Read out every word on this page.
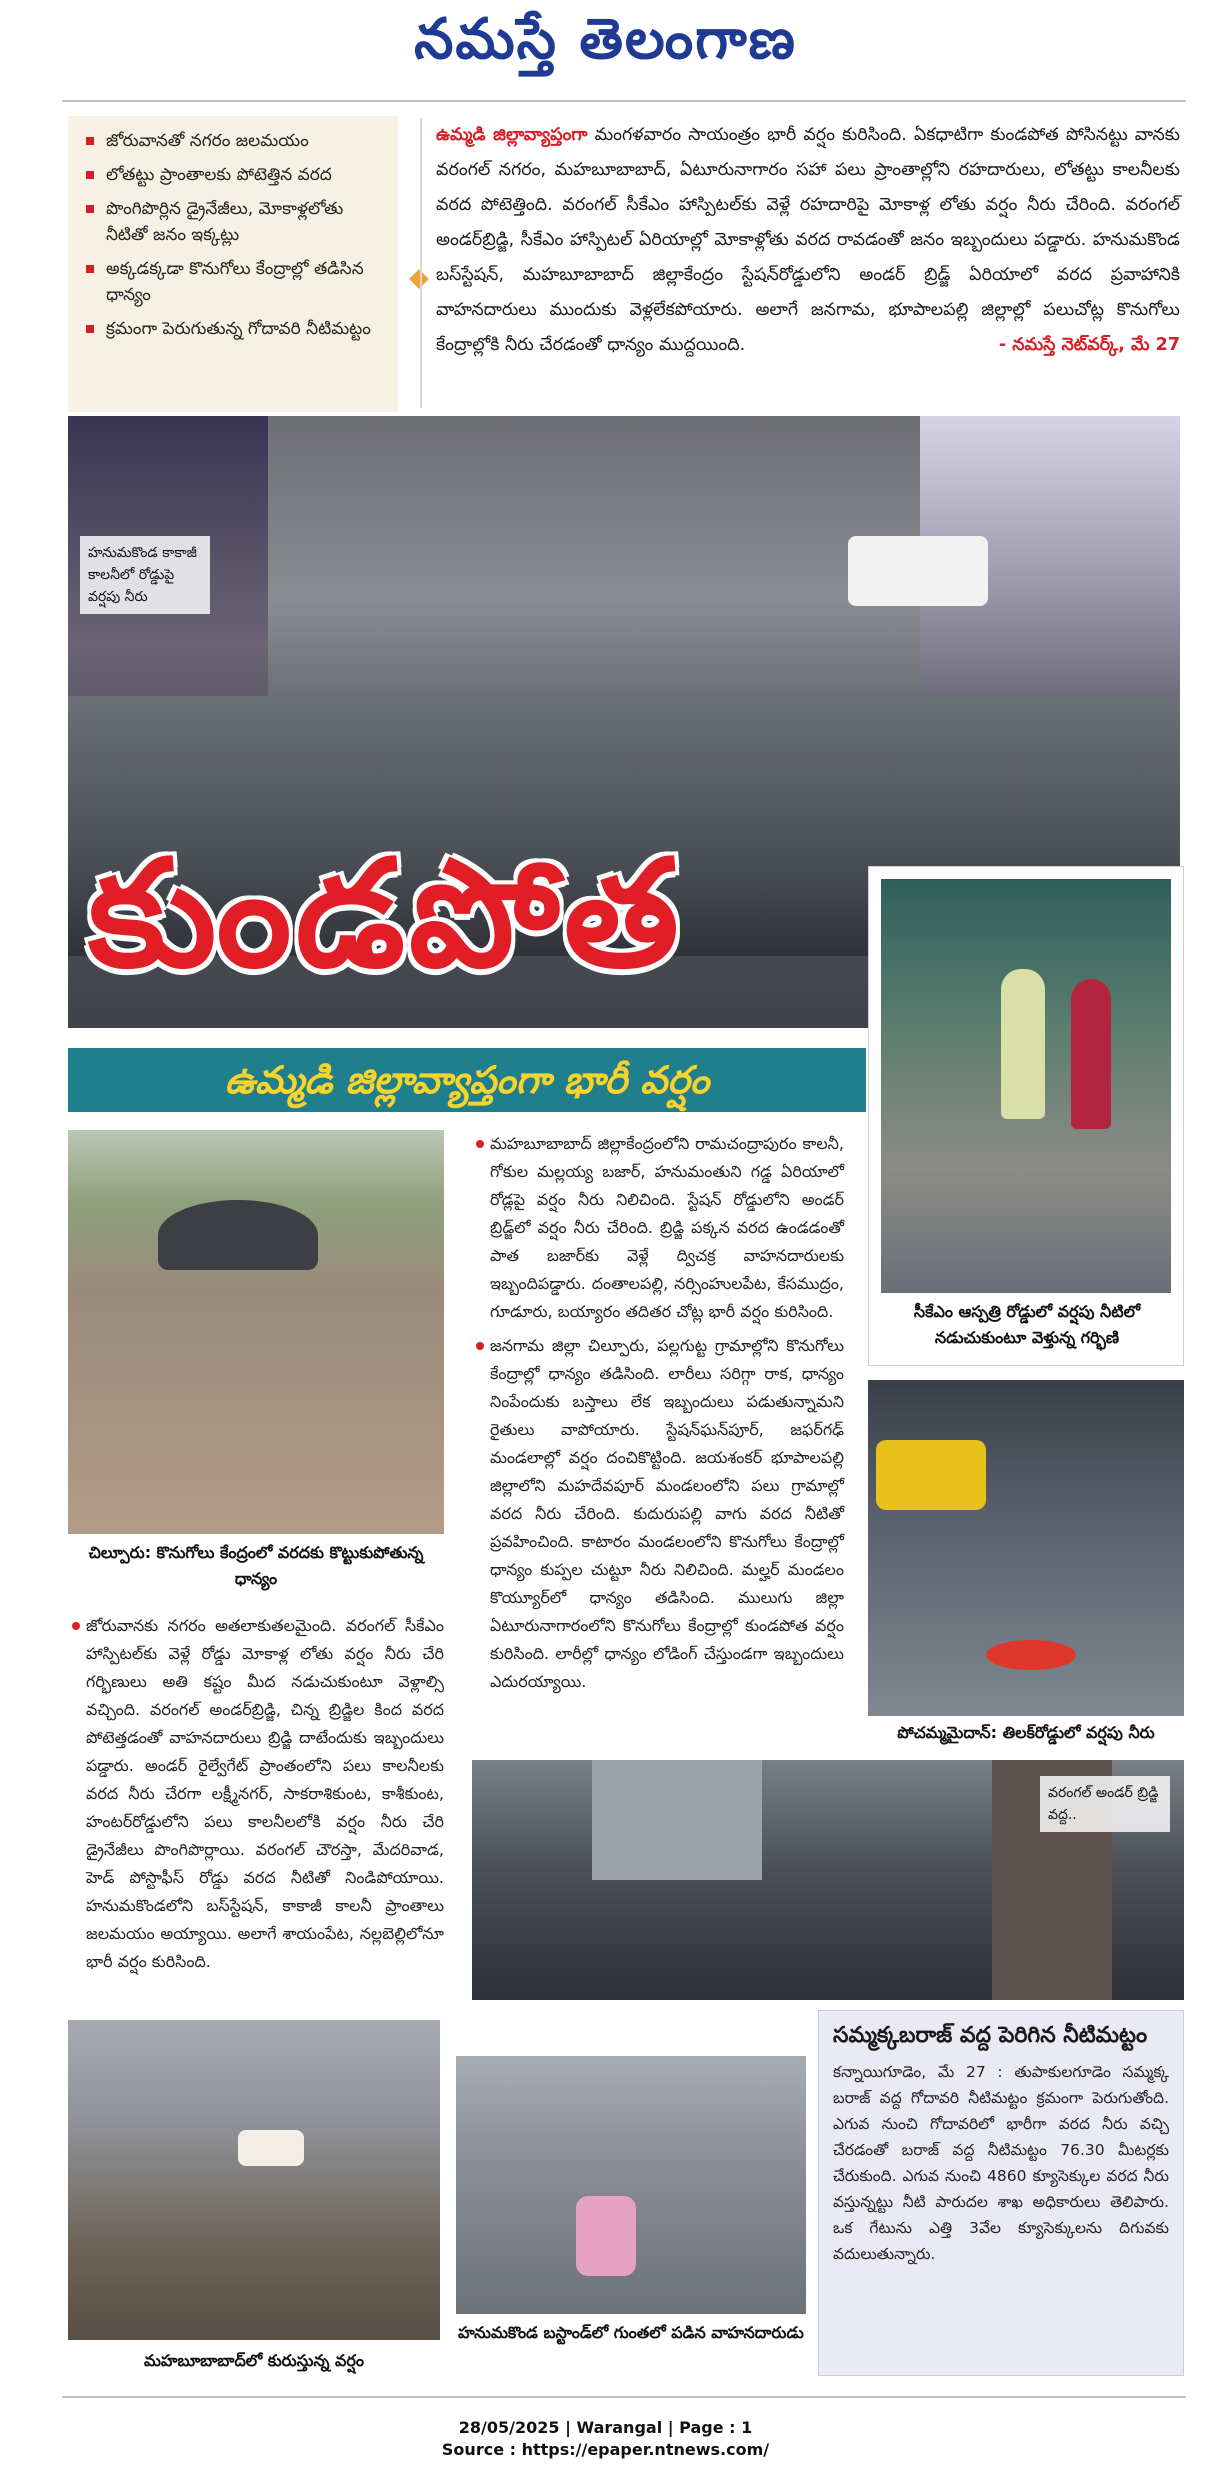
నమస్తే తెలంగాణ
జోరువానతో నగరం జలమయం
లోతట్టు ప్రాంతాలకు పోటెత్తిన వరద
పొంగిపొర్లిన డ్రైనేజీలు, మోకాళ్లలోతు నీటితో జనం ఇక్కట్లు
అక్కడక్కడా కొనుగోలు కేంద్రాల్లో తడిసిన ధాన్యం
క్రమంగా పెరుగుతున్న గోదావరి నీటిమట్టం
ఉమ్మడి జిల్లావ్యాప్తంగా మంగళవారం సాయంత్రం భారీ వర్షం కురిసింది. ఏకధాటిగా కుండపోత పోసినట్టు వానకు వరంగల్ నగరం, మహబూబాబాద్, ఏటూరునాగారం సహా పలు ప్రాంతాల్లోని రహదారులు, లోతట్టు కాలనీలకు వరద పోటెత్తింది. వరంగల్ సీకేఎం హాస్పిటల్‌కు వెళ్లే రహదారిపై మోకాళ్ల లోతు వర్షం నీరు చేరింది. వరంగల్ అండర్‌బ్రిడ్జి, సీకేఎం హాస్పిటల్ ఏరియాల్లో మోకాళ్లోతు వరద రావడంతో జనం ఇబ్బందులు పడ్డారు. హనుమకొండ బస్‌స్టేషన్, మహబూబాబాద్ జిల్లాకేంద్రం స్టేషన్‌రోడ్డులోని అండర్ బ్రిడ్జ్ ఏరియాలో వరద ప్రవాహానికి వాహనదారులు ముందుకు వెళ్లలేకపోయారు. అలాగే జనగామ, భూపాలపల్లి జిల్లాల్లో పలుచోట్ల కొనుగోలు కేంద్రాల్లోకి నీరు చేరడంతో ధాన్యం ముద్దయింది.	- నమస్తే నెట్‌వర్క్, మే 27
హనుమకొండ కాకాజీ కాలనీలో రోడ్డుపై వర్షపు నీరు
కుండపోత
సీకేఎం ఆస్పత్రి రోడ్డులో వర్షపు నీటిలో నడుచుకుంటూ వెళ్తున్న గర్భిణి
ఉమ్మడి జిల్లావ్యాప్తంగా భారీ వర్షం
చిల్పూరు: కొనుగోలు కేంద్రంలో వరదకు కొట్టుకుపోతున్న ధాన్యం

జోరువానకు నగరం అతలాకుతలమైంది. వరంగల్ సీకేఎం హాస్పిటల్‌కు వెళ్లే రోడ్డు మోకాళ్ల లోతు వర్షం నీరు చేరి గర్భిణులు అతి కష్టం మీద నడుచుకుంటూ వెళ్లాల్సి వచ్చింది. వరంగల్ అండర్‌బ్రిడ్జి, చిన్న బ్రిడ్జిల కింద వరద పోటెత్తడంతో వాహనదారులు బ్రిడ్జి దాటేందుకు ఇబ్బందులు పడ్డారు. అండర్ రైల్వేగేట్ ప్రాంతంలోని పలు కాలనీలకు వరద నీరు చేరగా లక్ష్మీనగర్, సాకరాశికుంట, కాశీకుంట, హంటర్‌రోడ్డులోని పలు కాలనీలలోకి వర్షం నీరు చేరి డ్రైనేజీలు పొంగిపొర్లాయి. వరంగల్ చౌరస్తా, మేదరివాడ, హెడ్ పోస్టాఫీస్ రోడ్డు వరద నీటితో నిండిపోయాయి. హనుమకొండలోని బస్‌స్టేషన్, కాకాజీ కాలనీ ప్రాంతాలు జలమయం అయ్యాయి. అలాగే శాయంపేట, నల్లబెల్లిలోనూ భారీ వర్షం కురిసింది.

మహబూబాబాద్ జిల్లాకేంద్రంలోని రామచంద్రాపురం కాలనీ, గోకుల మల్లయ్య బజార్, హనుమంతుని గడ్డ ఏరియాలో రోడ్లపై వర్షం నీరు నిలిచింది. స్టేషన్ రోడ్డులోని అండర్ బ్రిడ్జ్‌లో వర్షం నీరు చేరింది. బ్రిడ్జి పక్కన వరద ఉండడంతో పాత బజార్‌కు వెళ్లే ద్విచక్ర వాహనదారులకు ఇబ్బందిపడ్డారు. దంతాలపల్లి, నర్సింహులపేట, కేసముద్రం, గూడూరు, బయ్యారం తదితర చోట్ల భారీ వర్షం కురిసింది.

జనగామ జిల్లా చిల్పూరు, పల్లగుట్ట గ్రామాల్లోని కొనుగోలు కేంద్రాల్లో ధాన్యం తడిసింది. లారీలు సరిగ్గా రాక, ధాన్యం నింపేందుకు బస్తాలు లేక ఇబ్బందులు పడుతున్నామని రైతులు వాపోయారు. స్టేషన్‌ఘన్‌పూర్, జఫర్‌గఢ్ మండలాల్లో వర్షం దంచికొట్టింది. జయశంకర్ భూపాలపల్లి జిల్లాలోని మహదేవపూర్ మండలంలోని పలు గ్రామాల్లో వరద నీరు చేరింది. కుదురుపల్లి వాగు వరద నీటితో ప్రవహించింది. కాటారం మండలంలోని కొనుగోలు కేంద్రాల్లో ధాన్యం కుప్పల చుట్టూ నీరు నిలిచింది. మల్హర్ మండలం కొయ్యూర్‌లో ధాన్యం తడిసింది. ములుగు జిల్లా ఏటూరునాగారంలోని కొనుగోలు కేంద్రాల్లో కుండపోత వర్షం కురిసింది. లారీల్లో ధాన్యం లోడింగ్ చేస్తుండగా ఇబ్బందులు ఎదురయ్యాయి.

పోచమ్మమైదాన్: తిలక్‌రోడ్డులో వర్షపు నీరు
వరంగల్ అండర్ బ్రిడ్జి వద్ద..
మహబూబాబాద్‌లో కురుస్తున్న వర్షం
హనుమకొండ బస్టాండ్‌లో గుంతలో పడిన వాహనదారుడు
సమ్మక్కబరాజ్ వద్ద పెరిగిన నీటిమట్టం
కన్నాయిగూడెం, మే 27 : తుపాకులగూడెం సమ్మక్క బరాజ్ వద్ద గోదావరి నీటిమట్టం క్రమంగా పెరుగుతోంది. ఎగువ నుంచి గోదావరిలో భారీగా వరద నీరు వచ్చి చేరడంతో బరాజ్ వద్ద నీటిమట్టం 76.30 మీటర్లకు చేరుకుంది. ఎగువ నుంచి 4860 క్యూసెక్కుల వరద నీరు వస్తున్నట్టు నీటి పారుదల శాఖ అధికారులు తెలిపారు. ఒక గేటును ఎత్తి 3వేల క్యూసెక్కులను దిగువకు వదులుతున్నారు.
28/05/2025 | Warangal | Page : 1
Source : https://epaper.ntnews.com/
